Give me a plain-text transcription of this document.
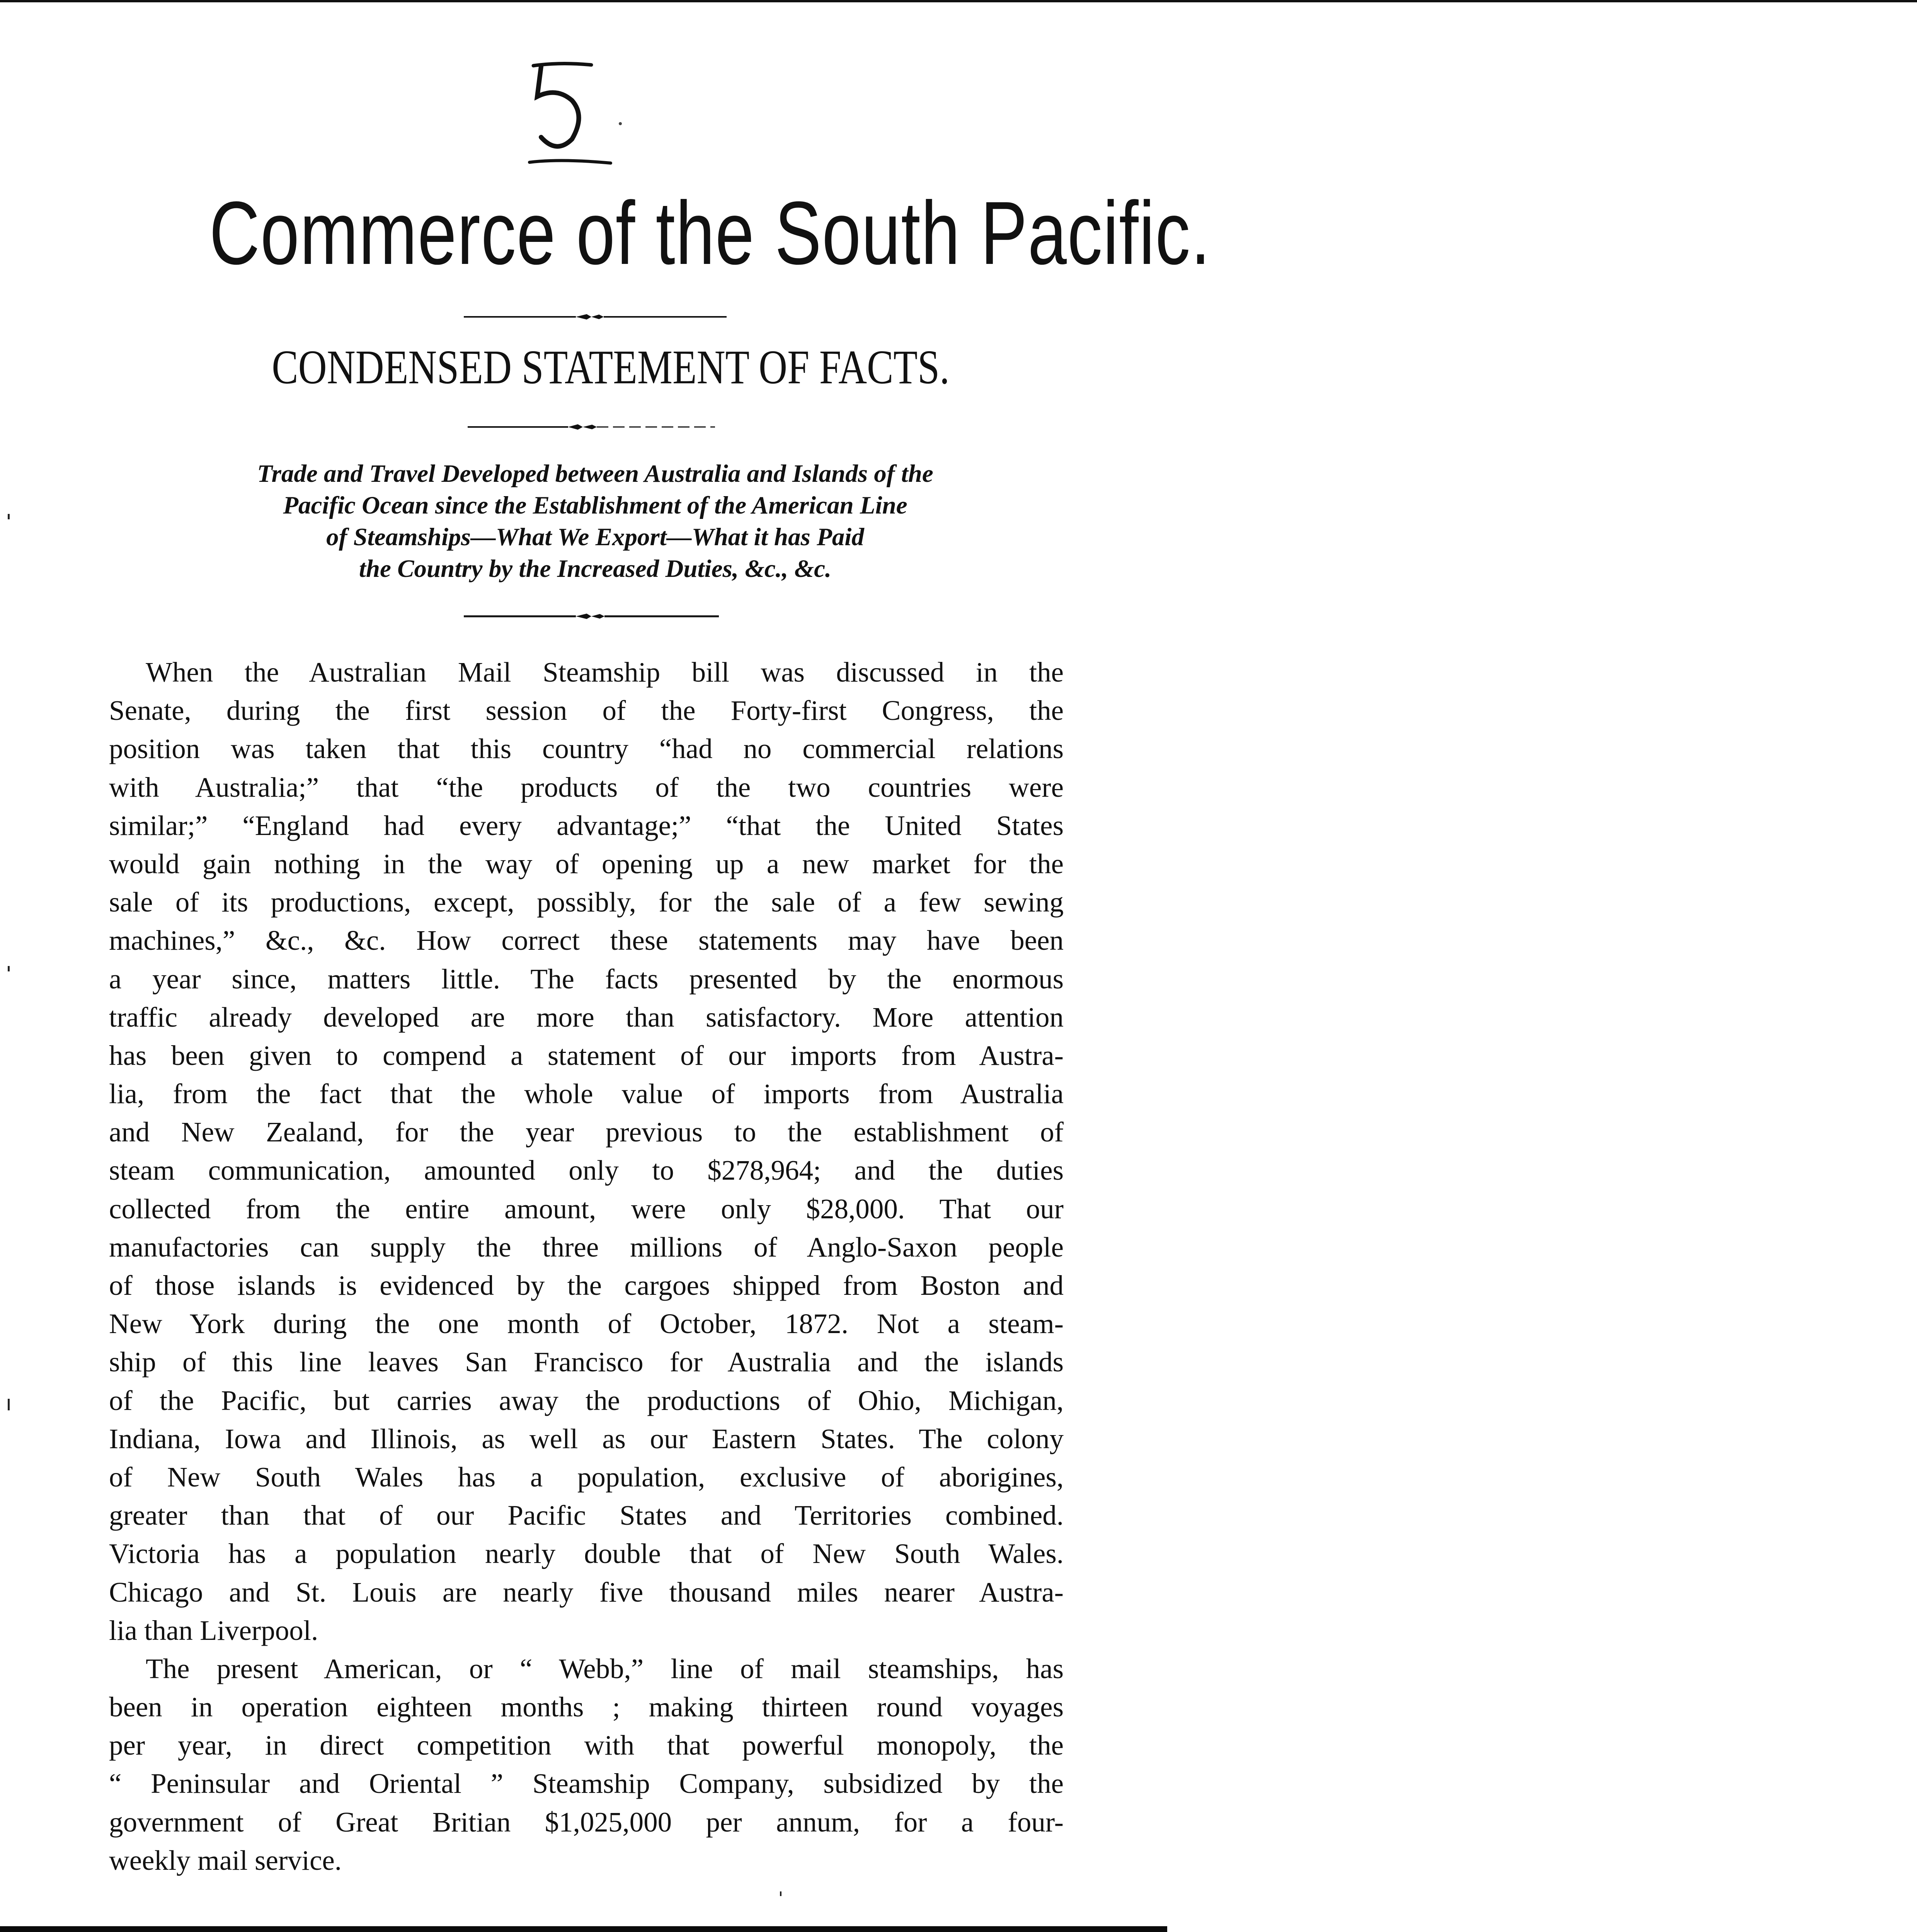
Commerce of the South Pacific.
CONDENSED STATEMENT OF FACTS.
Trade and Travel Developed between Australia and Islands of the
Pacific Ocean since the Establishment of the American Line
of Steamships—What We Export—What it has Paid
the Country by the Increased Duties, &c., &c.
When the Australian Mail Steamship bill was discussed in the
Senate, during the first session of the Forty-first Congress, the
position was taken that this country “had no commercial relations
with Australia;” that “the products of the two countries were
similar;” “England had every advantage;” “that the United States
would gain nothing in the way of opening up a new market for the
sale of its productions, except, possibly, for the sale of a few sewing
machines,” &c., &c. How correct these statements may have been
a year since, matters little. The facts presented by the enormous
traffic already developed are more than satisfactory. More attention
has been given to compend a statement of our imports from Austra-
lia, from the fact that the whole value of imports from Australia
and New Zealand, for the year previous to the establishment of
steam communication, amounted only to $278,964; and the duties
collected from the entire amount, were only $28,000. That our
manufactories can supply the three millions of Anglo-Saxon people
of those islands is evidenced by the cargoes shipped from Boston and
New York during the one month of October, 1872. Not a steam-
ship of this line leaves San Francisco for Australia and the islands
of the Pacific, but carries away the productions of Ohio, Michigan,
Indiana, Iowa and Illinois, as well as our Eastern States. The colony
of New South Wales has a population, exclusive of aborigines,
greater than that of our Pacific States and Territories combined.
Victoria has a population nearly double that of New South Wales.
Chicago and St. Louis are nearly five thousand miles nearer Austra-
lia than Liverpool.
The present American, or “ Webb,” line of mail steamships, has
been in operation eighteen months ; making thirteen round voyages
per year, in direct competition with that powerful monopoly, the
“ Peninsular and Oriental ” Steamship Company, subsidized by the
government of Great Britian $1,025,000 per annum, for a four-
weekly mail service.
